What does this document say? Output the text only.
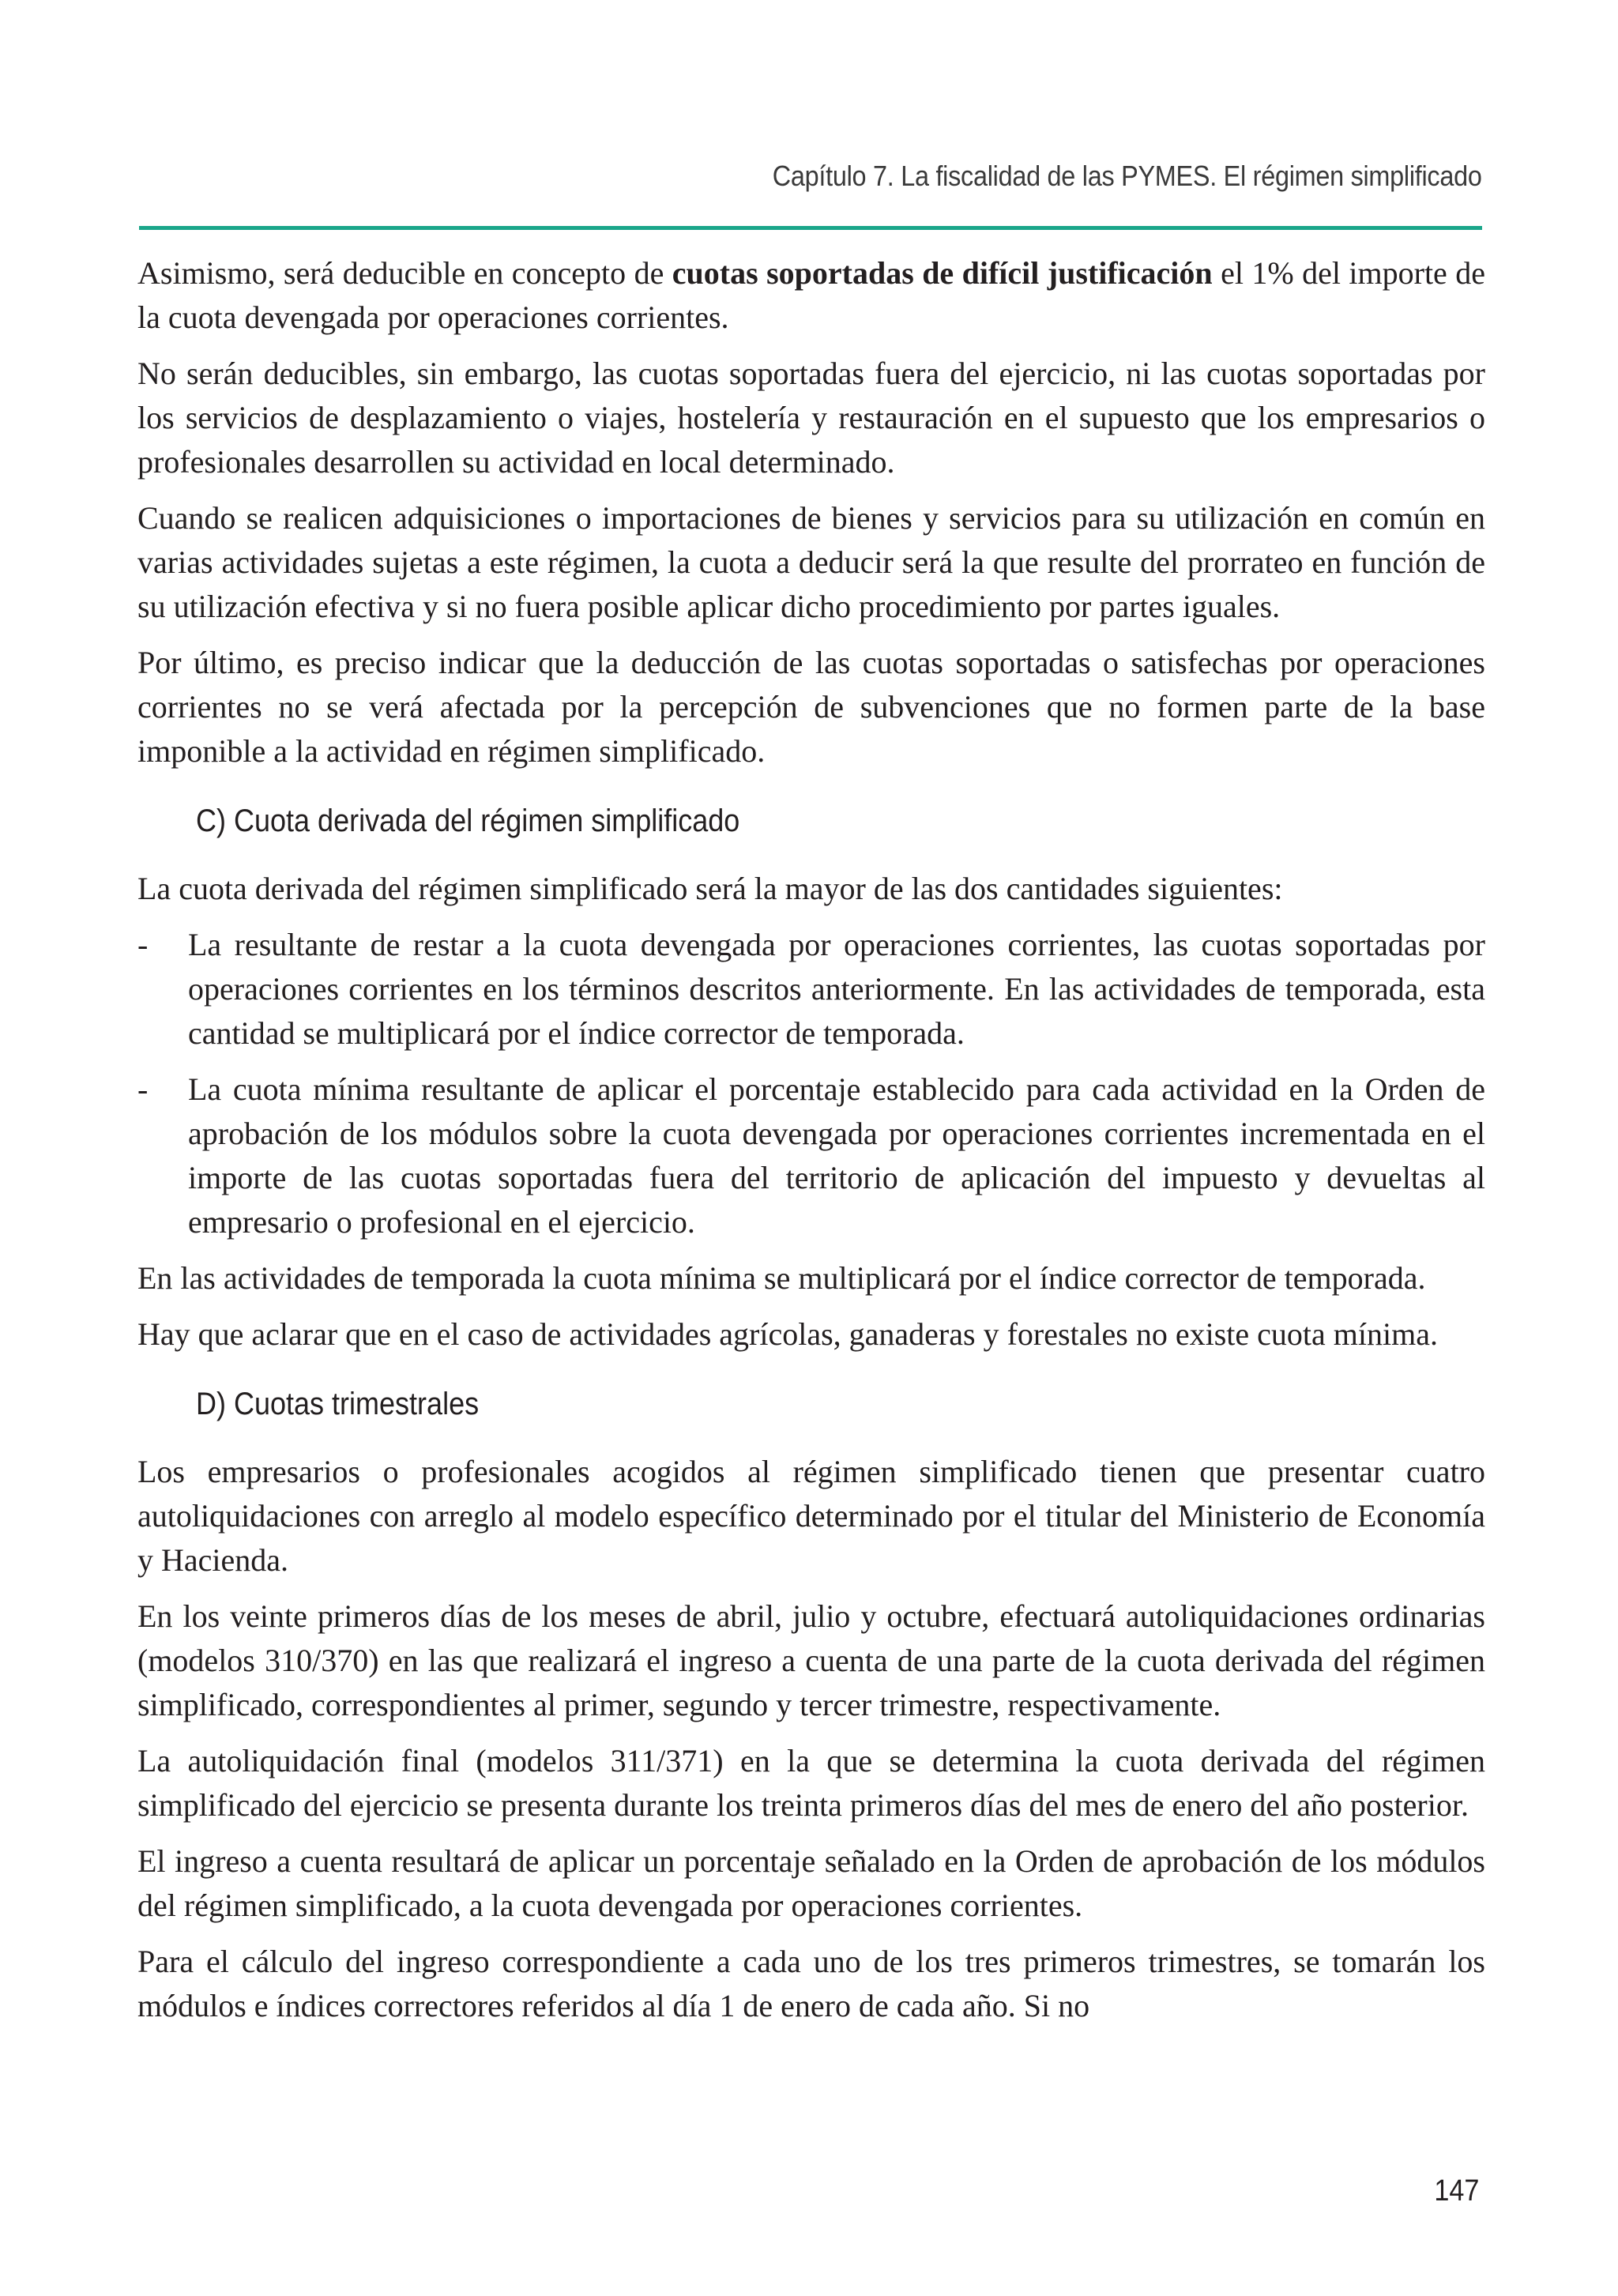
Capítulo 7. La fiscalidad de las PYMES. El régimen simplificado

Asimismo, será deducible en concepto de cuotas soportadas de difícil justificación el 1% del importe de la cuota devengada por operaciones corrientes.

No serán deducibles, sin embargo, las cuotas soportadas fuera del ejercicio, ni las cuotas soportadas por los servicios de desplazamiento o viajes, hostelería y restauración en el supuesto que los empresarios o profesionales desarrollen su actividad en local determinado.

Cuando se realicen adquisiciones o importaciones de bienes y servicios para su utilización en común en varias actividades sujetas a este régimen, la cuota a deducir será la que resulte del prorrateo en función de su utilización efectiva y si no fuera posible aplicar dicho procedimiento por partes iguales.

Por último, es preciso indicar que la deducción de las cuotas soportadas o satisfechas por operaciones corrientes no se verá afectada por la percepción de subvenciones que no formen parte de la base imponible a la actividad en régimen simplificado.

C) Cuota derivada del régimen simplificado

La cuota derivada del régimen simplificado será la mayor de las dos cantidades siguientes:

- La resultante de restar a la cuota devengada por operaciones corrientes, las cuotas soportadas por operaciones corrientes en los términos descritos anteriormente. En las actividades de temporada, esta cantidad se multiplicará por el índice corrector de temporada.
- La cuota mínima resultante de aplicar el porcentaje establecido para cada actividad en la Orden de aprobación de los módulos sobre la cuota devengada por operaciones corrientes incrementada en el importe de las cuotas soportadas fuera del territorio de aplicación del impuesto y devueltas al empresario o profesional en el ejercicio.

En las actividades de temporada la cuota mínima se multiplicará por el índice corrector de temporada.

Hay que aclarar que en el caso de actividades agrícolas, ganaderas y forestales no existe cuota mínima.

D) Cuotas trimestrales

Los empresarios o profesionales acogidos al régimen simplificado tienen que presentar cuatro autoliquidaciones con arreglo al modelo específico determinado por el titular del Ministerio de Economía y Hacienda.

En los veinte primeros días de los meses de abril, julio y octubre, efectuará autoliquidaciones ordinarias (modelos 310/370) en las que realizará el ingreso a cuenta de una parte de la cuota derivada del régimen simplificado, correspondientes al primer, segundo y tercer trimestre, respectivamente.

La autoliquidación final (modelos 311/371) en la que se determina la cuota derivada del régimen simplificado del ejercicio se presenta durante los treinta primeros días del mes de enero del año posterior.

El ingreso a cuenta resultará de aplicar un porcentaje señalado en la Orden de aprobación de los módulos del régimen simplificado, a la cuota devengada por operaciones corrientes.

Para el cálculo del ingreso correspondiente a cada uno de los tres primeros trimestres, se tomarán los módulos e índices correctores referidos al día 1 de enero de cada año. Si no

147
